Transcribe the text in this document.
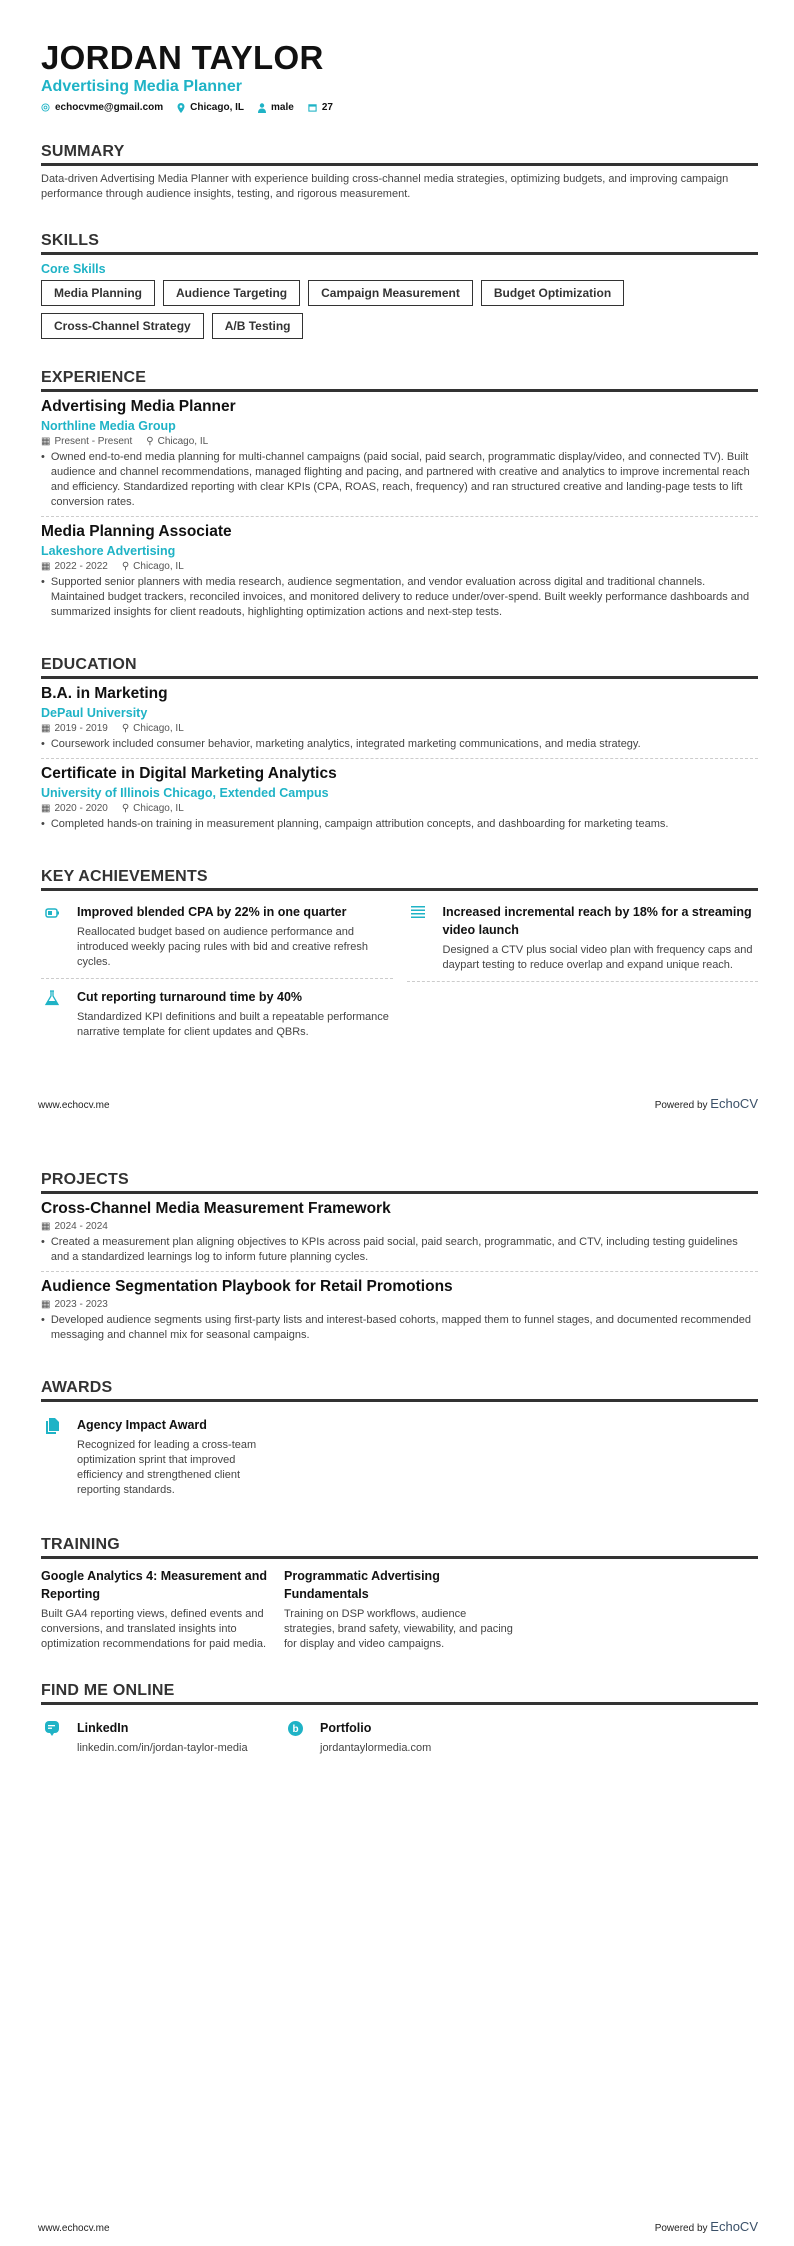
JORDAN TAYLOR
Advertising Media Planner
echocvme@gmail.com	Chicago, IL	male	27
SUMMARY

Data-driven Advertising Media Planner with experience building cross-channel media strategies, optimizing budgets, and improving campaign performance through audience insights, testing, and rigorous measurement.

SKILLS
Core Skills
Media Planning	Audience Targeting	Campaign Measurement	Budget Optimization
Cross-Channel Strategy	A/B Testing
EXPERIENCE
Advertising Media Planner
Northline Media Group
▦ Present - Present ⚲ Chicago, IL
• Owned end-to-end media planning for multi-channel campaigns (paid social, paid search, programmatic display/video, and connected TV). Built audience and channel recommendations, managed flighting and pacing, and partnered with creative and analytics to improve incremental reach and efficiency. Standardized reporting with clear KPIs (CPA, ROAS, reach, frequency) and ran structured creative and landing-page tests to lift conversion rates.
Media Planning Associate
Lakeshore Advertising
▦ 2022 - 2022 ⚲ Chicago, IL
• Supported senior planners with media research, audience segmentation, and vendor evaluation across digital and traditional channels. Maintained budget trackers, reconciled invoices, and monitored delivery to reduce under/over-spend. Built weekly performance dashboards and summarized insights for client readouts, highlighting optimization actions and next-step tests.
EDUCATION
B.A. in Marketing
DePaul University
▦ 2019 - 2019 ⚲ Chicago, IL
• Coursework included consumer behavior, marketing analytics, integrated marketing communications, and media strategy.
Certificate in Digital Marketing Analytics
University of Illinois Chicago, Extended Campus
▦ 2020 - 2020 ⚲ Chicago, IL
• Completed hands-on training in measurement planning, campaign attribution concepts, and dashboarding for marketing teams.
KEY ACHIEVEMENTS
Improved blended CPA by 22% in one quarter
Reallocated budget based on audience performance and introduced weekly pacing rules with bid and creative refresh cycles.
Increased incremental reach by 18% for a streaming video launch
Designed a CTV plus social video plan with frequency caps and daypart testing to reduce overlap and expand unique reach.
Cut reporting turnaround time by 40%
Standardized KPI definitions and built a repeatable performance narrative template for client updates and QBRs.
www.echocv.me	Powered by EchoCV
PROJECTS
Cross-Channel Media Measurement Framework
▦ 2024 - 2024
• Created a measurement plan aligning objectives to KPIs across paid social, paid search, programmatic, and CTV, including testing guidelines and a standardized learnings log to inform future planning cycles.
Audience Segmentation Playbook for Retail Promotions
▦ 2023 - 2023
• Developed audience segments using first-party lists and interest-based cohorts, mapped them to funnel stages, and documented recommended messaging and channel mix for seasonal campaigns.
AWARDS
Agency Impact Award
Recognized for leading a cross-team optimization sprint that improved efficiency and strengthened client reporting standards.
TRAINING
Google Analytics 4: Measurement and Reporting
Built GA4 reporting views, defined events and conversions, and translated insights into optimization recommendations for paid media.
Programmatic Advertising Fundamentals
Training on DSP workflows, audience strategies, brand safety, viewability, and pacing for display and video campaigns.
FIND ME ONLINE
LinkedIn
linkedin.com/in/jordan-taylor-media
b Portfolio
jordantaylormedia.com
www.echocv.me	Powered by EchoCV
